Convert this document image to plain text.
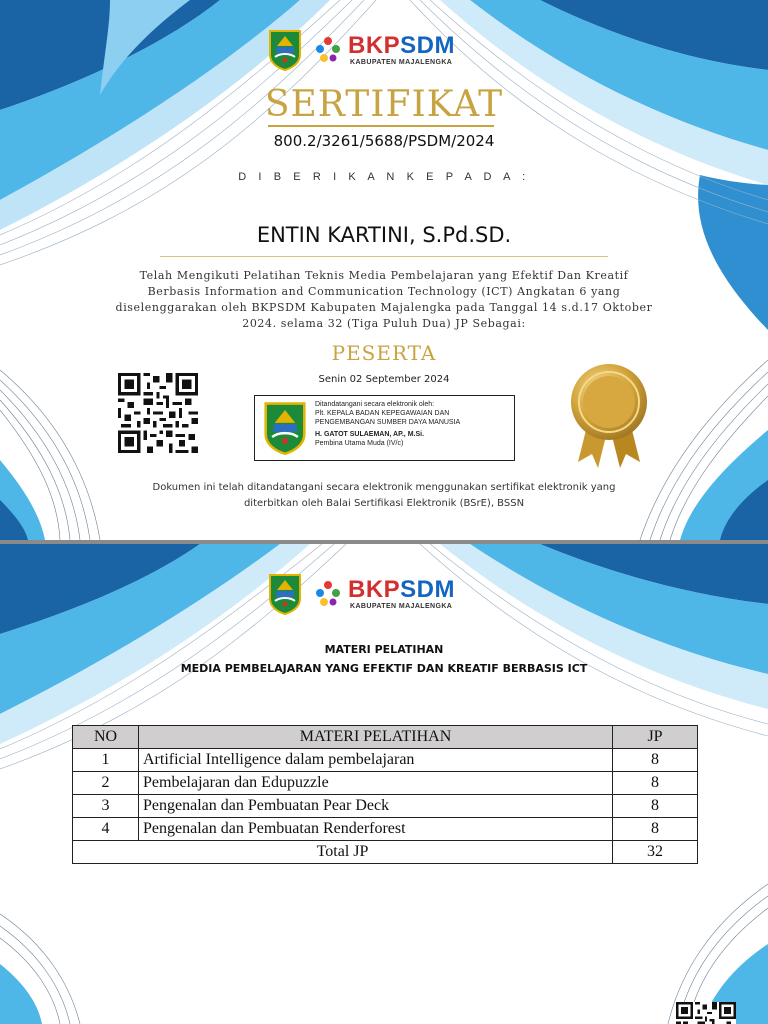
BKPSDM
KABUPATEN MAJALENGKA
SERTIFIKAT
800.2/3261/5688/PSDM/2024
D I B E R I K A N K E P A D A :
ENTIN KARTINI, S.Pd.SD.
Telah Mengikuti Pelatihan Teknis Media Pembelajaran yang Efektif Dan Kreatif
Berbasis Information and Communication Technology (ICT) Angkatan 6 yang
diselenggarakan oleh BKPSDM Kabupaten Majalengka pada Tanggal 14 s.d.17 Oktober
2024. selama 32 (Tiga Puluh Dua) JP Sebagai:
PESERTA
Senin 02 September 2024
Ditandatangani secara elektronik oleh:
Plt. KEPALA BADAN KEPEGAWAIAN DAN
PENGEMBANGAN SUMBER DAYA MANUSIA
H. GATOT SULAEMAN, AP., M.Si.
Pembina Utama Muda (IV/c)
Dokumen ini telah ditandatangani secara elektronik menggunakan sertifikat elektronik yang
diterbitkan oleh Balai Sertifikasi Elektronik (BSrE), BSSN
BKPSDM
KABUPATEN MAJALENGKA
MATERI PELATIHAN
MEDIA PEMBELAJARAN YANG EFEKTIF DAN KREATIF BERBASIS ICT
NO	MATERI PELATIHAN	JP
1	Artificial Intelligence dalam pembelajaran	8
2	Pembelajaran dan Edupuzzle	8
3	Pengenalan dan Pembuatan Pear Deck	8
4	Pengenalan dan Pembuatan Renderforest	8
Total JP		32
